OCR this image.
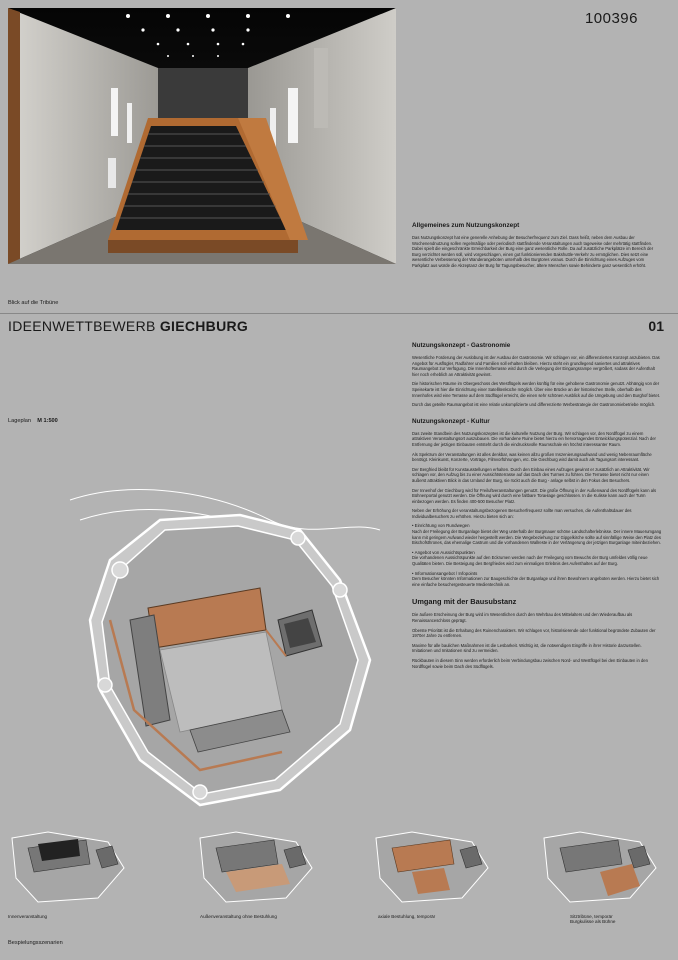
100396
Blick auf die Tribüne
Allgemeines zum Nutzungskonzept
Das Nutzungskonzept hat eine generelle Anhebung der Besucherfrequenz zum Ziel. Dass heißt, neben dem Ausbau der Wochenendnutzung sollen regelmäßige oder periodisch stattfindende Veranstaltungen auch tageweise oder mehrtätig stattfinden. Dabei spielt die eingeschränkte Erreichbarkeit der Burg eine ganz wesentliche Rolle. Da auf zusätzliche Parkplätze im Bereich der Burg verzichtet werden soll, wird vorgeschlagen, einen gut funktionierenden Bakshuttle-Verkehr zu ermöglichen. Dies setzt eine wesentliche Verbesserung der Wanderangeboten unterhalb des Burgtores voraus. Durch die Einrichtung eines Aufzuges vom Parkplatz aus würde die Akzeptanz der Burg für Tagungsbesucher, ältere Menschen sowie Behinderte ganz wesentlich erhöht.
IDEENWETTBEWERB GIECHBURG	01
Lageplan M 1:500
Nutzungskonzept - Gastronomie
Wesentliche Forderung der Auslobung ist der Ausbau der Gastronomie. Wir schlagen vor, ein differenziertes Konzept anzubieten. Das Angebot für Ausflügler, Radfahrer und Familien soll erhalten bleiben. Hierzu steht ein grundlegend saniertes und attraktives Raumangebot zur Verfügung. Die Innenhofterrasse wird durch die Verlegung der Eingangsrampe vergrößert, sodass der Aufenthalt hier noch erheblich an Attraktivität gewinnt.
Die historischen Räume im Obergeschoss des Westflügels werden künftig für eine gehobene Gastronomie genutzt. Abhängig von der Speisekarte ist hier die Einrichtung einer Satellitenküche möglich. Über eine Brücke an der historischen Stelle, oberhalb des Innenhofes wird eine Terrasse auf dem Südflügel erreicht, die einen sehr schönen Ausblick auf die Umgebung und den Burghof bietet.
Durch das geteilte Raumangebot ist eine relativ unkomplizierte und differenzierte Werbestrategie der Gastronomiebetriebe möglich.
Nutzungskonzept - Kultur
Das zweite Standbein des Nutzungskonzeptes ist die kulturelle Nutzung der Burg. Wir schlagen vor, den Nordflügel zu einem attraktiven Veranstaltungsort auszubauen. Die vorhandene Ruine bietet hierzu ein hervorragendes Entwicklungspotenzial. Nach der Entfernung der jetzigen Einbauten entsteht durch die eindrucksvolle Raumschale ein höchst interessanter Raum.
Als Spektrum der Veranstaltungen ist alles denkbar, was keinen allzu großen Inszenierungsaufwand und wenig Nebenraumfläche benötigt. Kleinkunst, Konzerte, Vorträge, Filmvorführungen, etc. Die Giechburg wird damit auch als Tagungsort interessant.
Der Bergfried bleibt für Kunstausstellungen erhalten. Durch den Einbau eines Aufzuges gewinnt er zusätzlich an Attraktivität. Wir schlagen vor, den Aufzug bis zu einer Aussichtsterrasse auf das Dach des Turmes zu führen. Die Terrasse bietet nicht nur einen äußerst attraktiven Blick in das Umland der Burg, sie rückt auch die Burg - anlage selbst in den Fokus des Besuchers.
Der Innenhof der Giechburg wird für Freiluftveranstaltungen genutzt. Die große Öffnung in der Außenwand des Nordflügels kann als Bühnenportal genutzt werden. Die Öffnung wird durch eine faltbare Torанlage geschlossen. In die Kulisse kann auch der Turm einbezogen werden. Es finden 400-500 Besucher Platz.
Neben der Erhöhung der veranstaltungsbezogenen Besucherfrequenz sollte man versuchen, die Aufenthaltsdauer des Individualbesuchers zu erhöhen. Hierzu bieten sich an:
• Einrichtung von Rundwegen
Nach der Freilegung der Burganlage bietet der Weg unterhalb der Burgmauer schöne Landschafterlebnisse. Der innere Mauerumgang kann mit geringem Aufwand wieder hergestellt werden. Die Wegebeziehung zur Gipgelkirche sollte auf sinnfällige Weise den Platz des Bischofsthrones, das ehemalige Castrum und die vorhandenen Wallreste in der Verlängerung der jetzigen Burganlage miteinbeziehen.
• Angebot von Aussichtspunkten
Die vorhandenen Aussichtspunkte auf den Eckrumen werden nach der Freilegung vom Bewuchs der Burg umfeldes völlig neue Qualitäten bieten. Die Besteigung des Bergfriedes wird zum einmaligen Erlebnis des Aufenthaltes auf der Burg.
• Informationsangebot / Infopoints
Dem Besucher könnten Informationen zur Baugeschichte der Burganlage und ihren Bewohnern angeboten werden. Hierzu bietet sich eine einfache besuchergesteuerte Medientechnik an.
Umgang mit der Bausubstanz
Die äußere Erscheinung der Burg wird im Wesentlichen durch den Wehrbau des Mittelalters und den Wiederaufbau als Renaissanceschloss geprägt.
Oberste Priorität ist die Erhaltung des Ruinencharakters. Wir schlagen vor, historisierende oder funktional begründete Zubauten der 1970er Jahre zu entfernen.
Maxime für alle baulichen Maßnahmen ist die Lesbarkeit. Wichtig ist, die notwendigen Eingriffe in ihrer Historie darzustellen. Imitationen und Imitationen sind zu vermeiden.
Rückbauten in diesem Sinn werden erforderlich beim Verbindungsbau zwischen Nord- und Westflügel bei den Einbauten in den Nordflügel sowie beim Dach des Südflügels.
Innenveranstaltung	Außenveranstaltung ohne Bestuhlung	axiale Bestuhlung, temporär	Sitztribüne, temporär
Burgkulisse als Bühne
Bespielungsszenarien
